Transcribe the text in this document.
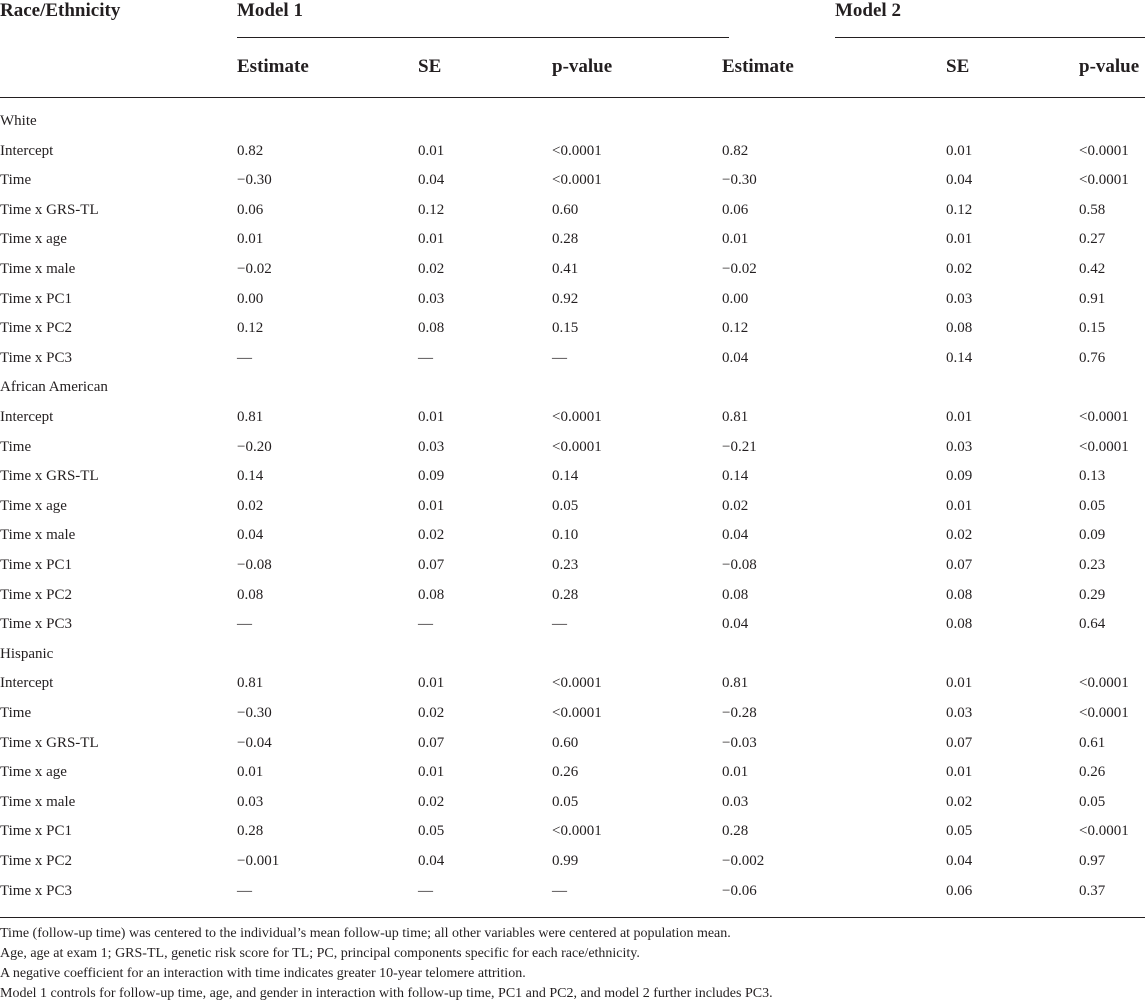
Race/Ethnicity	Model 1	Model 2
Estimate	SE	p-value	Estimate	SE	p-value
White
Intercept	0.82	0.01	<0.0001	0.82	0.01	<0.0001
Time	−0.30	0.04	<0.0001	−0.30	0.04	<0.0001
Time x GRS-TL	0.06	0.12	0.60	0.06	0.12	0.58
Time x age	0.01	0.01	0.28	0.01	0.01	0.27
Time x male	−0.02	0.02	0.41	−0.02	0.02	0.42
Time x PC1	0.00	0.03	0.92	0.00	0.03	0.91
Time x PC2	0.12	0.08	0.15	0.12	0.08	0.15
Time x PC3	—	—	—	0.04	0.14	0.76
African American
Intercept	0.81	0.01	<0.0001	0.81	0.01	<0.0001
Time	−0.20	0.03	<0.0001	−0.21	0.03	<0.0001
Time x GRS-TL	0.14	0.09	0.14	0.14	0.09	0.13
Time x age	0.02	0.01	0.05	0.02	0.01	0.05
Time x male	0.04	0.02	0.10	0.04	0.02	0.09
Time x PC1	−0.08	0.07	0.23	−0.08	0.07	0.23
Time x PC2	0.08	0.08	0.28	0.08	0.08	0.29
Time x PC3	—	—	—	0.04	0.08	0.64
Hispanic
Intercept	0.81	0.01	<0.0001	0.81	0.01	<0.0001
Time	−0.30	0.02	<0.0001	−0.28	0.03	<0.0001
Time x GRS-TL	−0.04	0.07	0.60	−0.03	0.07	0.61
Time x age	0.01	0.01	0.26	0.01	0.01	0.26
Time x male	0.03	0.02	0.05	0.03	0.02	0.05
Time x PC1	0.28	0.05	<0.0001	0.28	0.05	<0.0001
Time x PC2	−0.001	0.04	0.99	−0.002	0.04	0.97
Time x PC3	—	—	—	−0.06	0.06	0.37
Time (follow-up time) was centered to the individual’s mean follow-up time; all other variables were centered at population mean.
Age, age at exam 1; GRS-TL, genetic risk score for TL; PC, principal components specific for each race/ethnicity.
A negative coefficient for an interaction with time indicates greater 10-year telomere attrition.
Model 1 controls for follow-up time, age, and gender in interaction with follow-up time, PC1 and PC2, and model 2 further includes PC3.
